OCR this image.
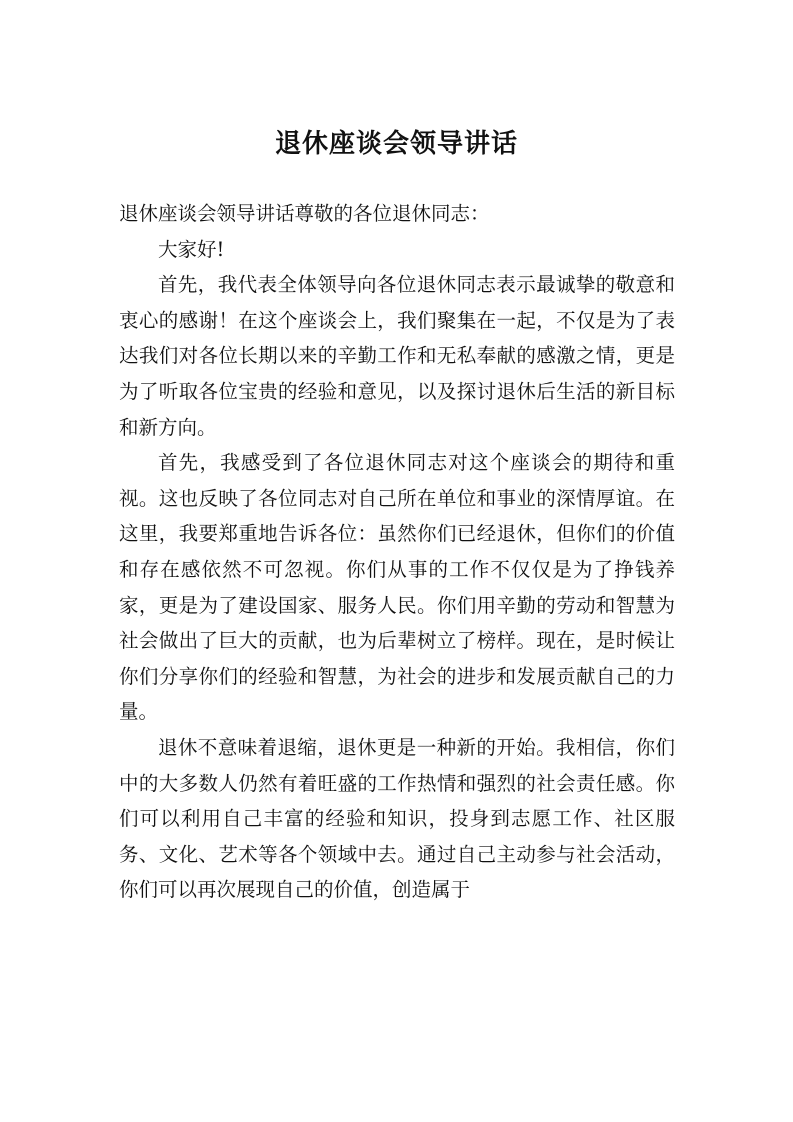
退休座谈会领导讲话

退休座谈会领导讲话尊敬的各位退休同志：

大家好!

首先，我代表全体领导向各位退休同志表示最诚挚的敬意和衷心的感谢！在这个座谈会上，我们聚集在一起，不仅是为了表达我们对各位长期以来的辛勤工作和无私奉献的感激之情，更是为了听取各位宝贵的经验和意见，以及探讨退休后生活的新目标和新方向。

首先，我感受到了各位退休同志对这个座谈会的期待和重视。这也反映了各位同志对自己所在单位和事业的深情厚谊。在这里，我要郑重地告诉各位：虽然你们已经退休，但你们的价值和存在感依然不可忽视。你们从事的工作不仅仅是为了挣钱养家，更是为了建设国家、服务人民。你们用辛勤的劳动和智慧为社会做出了巨大的贡献，也为后辈树立了榜样。现在，是时候让你们分享你们的经验和智慧，为社会的进步和发展贡献自己的力量。

退休不意味着退缩，退休更是一种新的开始。我相信，你们中的大多数人仍然有着旺盛的工作热情和强烈的社会责任感。你们可以利用自己丰富的经验和知识，投身到志愿工作、社区服务、文化、艺术等各个领域中去。通过自己主动参与社会活动，你们可以再次展现自己的价值，创造属于
